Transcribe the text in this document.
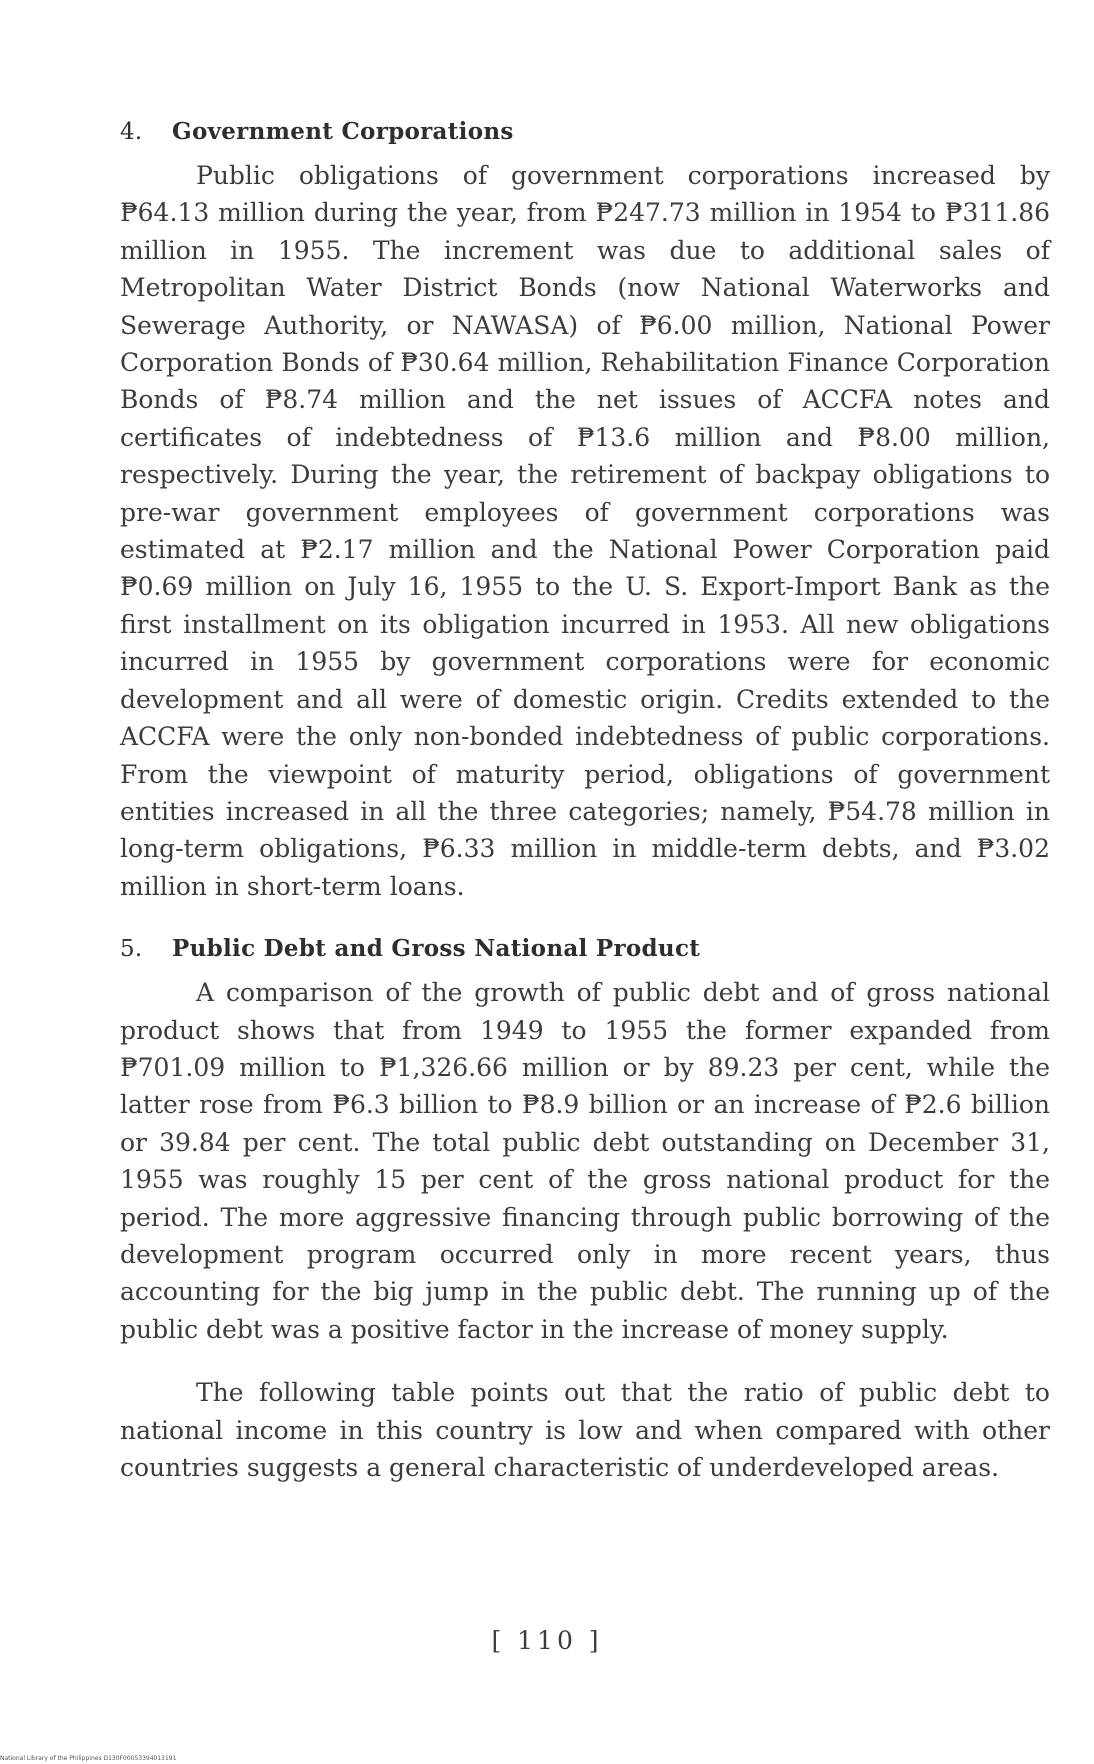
4. Government Corporations

Public obligations of government corporations increased by ₱64.13 million during the year, from ₱247.73 million in 1954 to ₱311.86 million in 1955. The increment was due to additional sales of Metropolitan Water District Bonds (now National Waterworks and Sewerage Authority, or NAWASA) of ₱6.00 million, National Power Corporation Bonds of ₱30.64 million, Rehabilitation Finance Corporation Bonds of ₱8.74 million and the net issues of ACCFA notes and certificates of indebtedness of ₱13.6 million and ₱8.00 million, respectively. During the year, the retirement of backpay obligations to pre-war government employees of government corporations was estimated at ₱2.17 million and the National Power Corporation paid ₱0.69 million on July 16, 1955 to the U. S. Export-Import Bank as the first installment on its obligation incurred in 1953. All new obligations incurred in 1955 by government corporations were for economic development and all were of domestic origin. Credits extended to the ACCFA were the only non-bonded indebtedness of public corporations. From the viewpoint of maturity period, obligations of government entities increased in all the three categories; namely, ₱54.78 million in long-term obligations, ₱6.33 million in middle-term debts, and ₱3.02 million in short-term loans.

5. Public Debt and Gross National Product

A comparison of the growth of public debt and of gross national product shows that from 1949 to 1955 the former expanded from ₱701.09 million to ₱1,326.66 million or by 89.23 per cent, while the latter rose from ₱6.3 billion to ₱8.9 billion or an increase of ₱2.6 billion or 39.84 per cent. The total public debt outstanding on December 31, 1955 was roughly 15 per cent of the gross national product for the period. The more aggressive financing through public borrowing of the development program occurred only in more recent years, thus accounting for the big jump in the public debt. The running up of the public debt was a positive factor in the increase of money supply.

The following table points out that the ratio of public debt to national income in this country is low and when compared with other countries suggests a general characteristic of underdeveloped areas.

[ 110 ]
National Library of the Philippines D130F00053394013191
